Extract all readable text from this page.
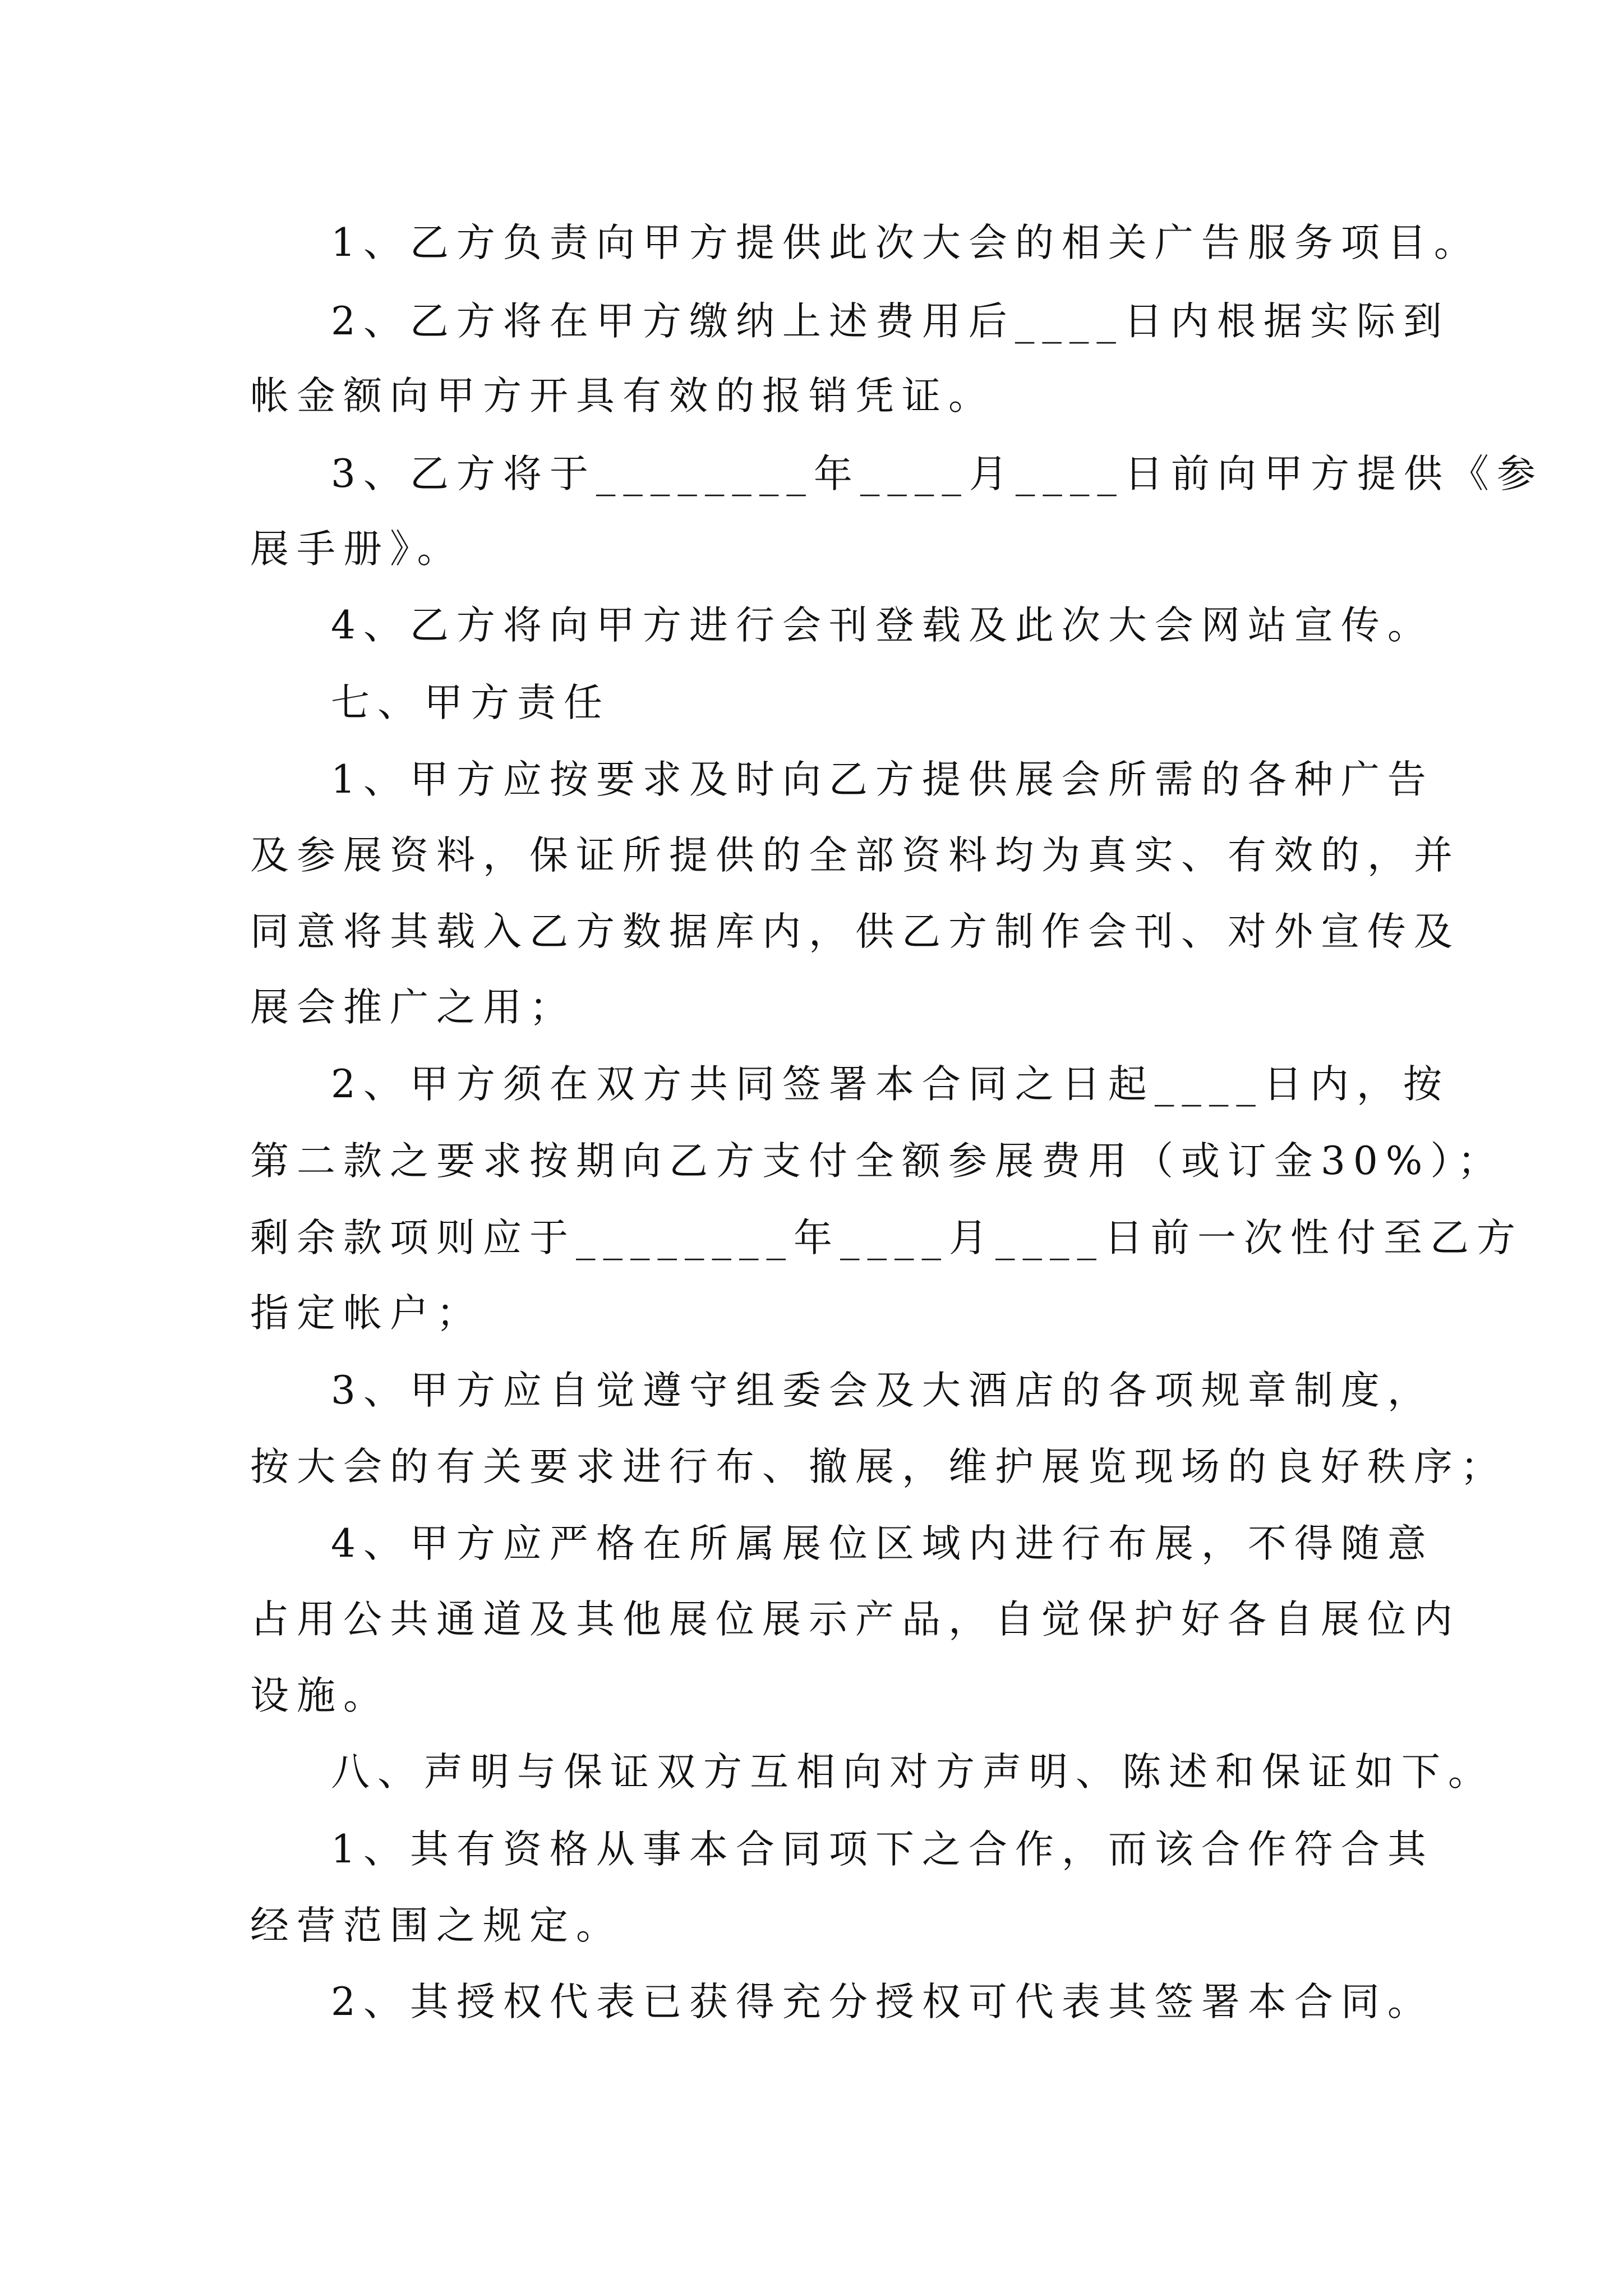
1、乙方负责向甲方提供此次大会的相关广告服务项目。
2、乙方将在甲方缴纳上述费用后____日内根据实际到
帐金额向甲方开具有效的报销凭证。
3、乙方将于________年____月____日前向甲方提供《参
展手册》。
4、乙方将向甲方进行会刊登载及此次大会网站宣传。
七、甲方责任
1、甲方应按要求及时向乙方提供展会所需的各种广告
及参展资料，保证所提供的全部资料均为真实、有效的，并
同意将其载入乙方数据库内，供乙方制作会刊、对外宣传及
展会推广之用；
2、甲方须在双方共同签署本合同之日起____日内，按
第二款之要求按期向乙方支付全额参展费用（或订金30%）；
剩余款项则应于________年____月____日前一次性付至乙方
指定帐户；
3、甲方应自觉遵守组委会及大酒店的各项规章制度，
按大会的有关要求进行布、撤展，维护展览现场的良好秩序；
4、甲方应严格在所属展位区域内进行布展，不得随意
占用公共通道及其他展位展示产品，自觉保护好各自展位内
设施。
八、声明与保证双方互相向对方声明、陈述和保证如下。
1、其有资格从事本合同项下之合作，而该合作符合其
经营范围之规定。
2、其授权代表已获得充分授权可代表其签署本合同。
